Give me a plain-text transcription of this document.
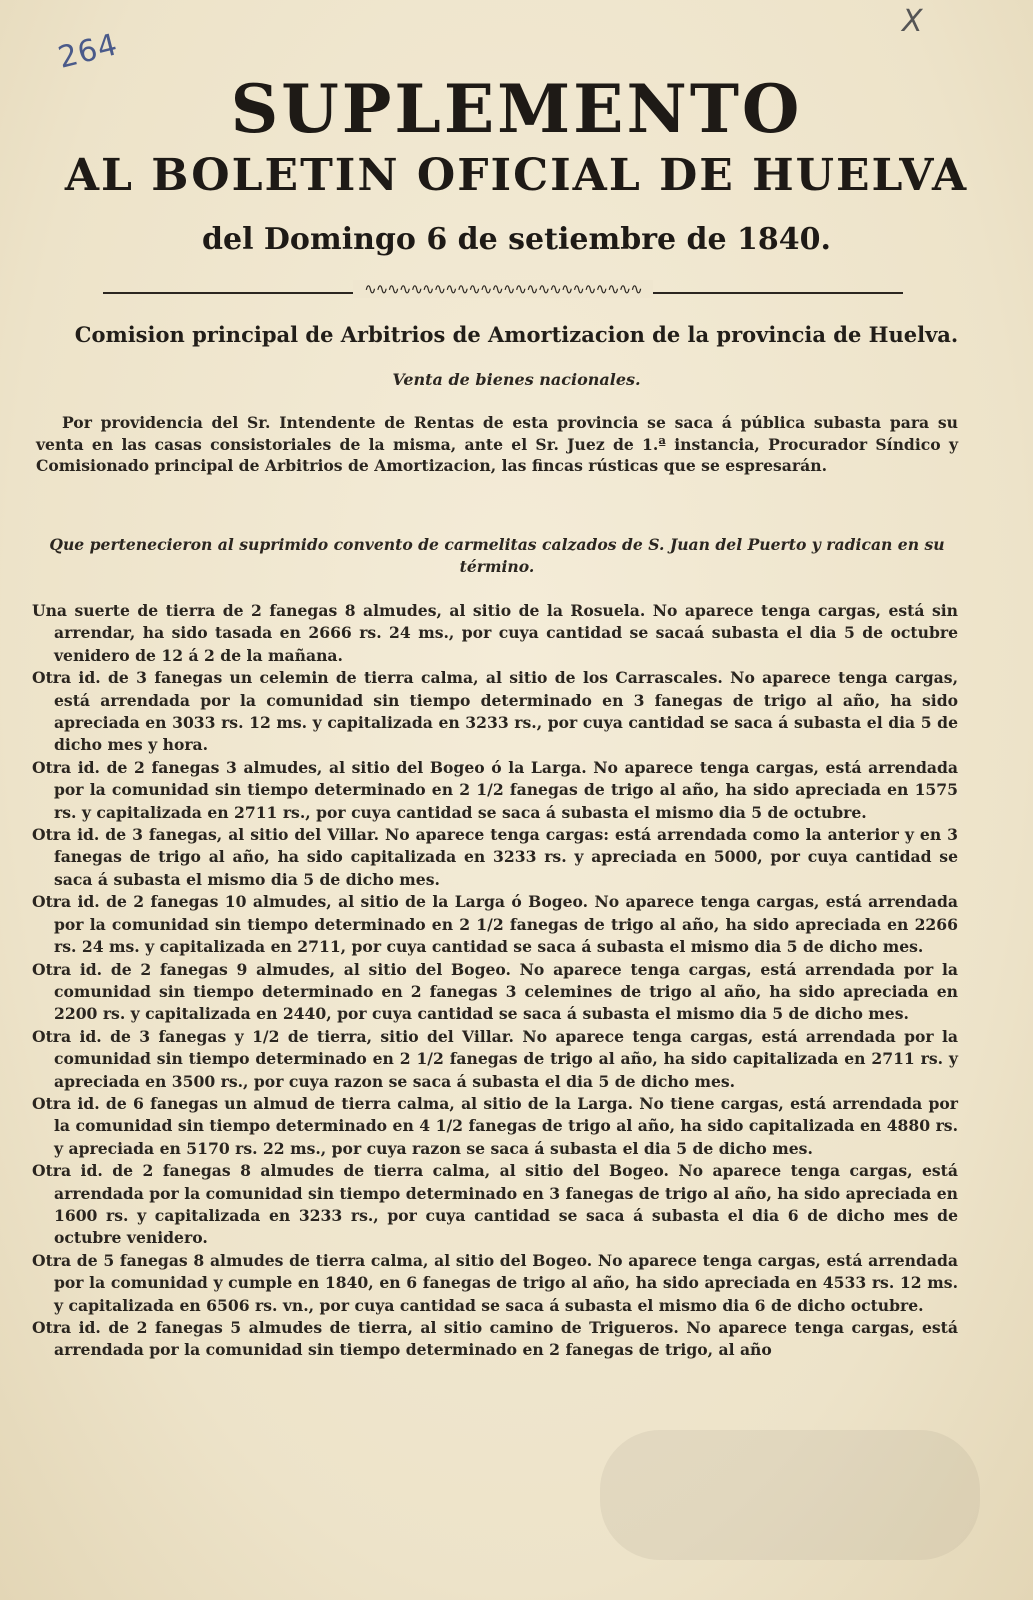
264
X
SUPLEMENTO
AL BOLETIN OFICIAL DE HUELVA
del Domingo 6 de setiembre de 1840.
∿∿∿∿∿∿∿∿∿∿∿∿∿∿∿∿∿∿∿∿∿∿∿∿
Comision principal de Arbitrios de Amortizacion de la provincia de Huelva.
Venta de bienes nacionales.

Por providencia del Sr. Intendente de Rentas de esta provincia se saca á pública subasta para su venta en las casas consistoriales de la misma, ante el Sr. Juez de 1.ª instancia, Procurador Síndico y Comisionado principal de Arbitrios de Amortizacion, las fincas rústicas que se espresarán.

Que pertenecieron al suprimido convento de carmelitas calzados de S. Juan del Puerto y radican en su término.

Una suerte de tierra de 2 fanegas 8 almudes, al sitio de la Rosuela. No aparece tenga cargas, está sin arrendar, ha sido tasada en 2666 rs. 24 ms., por cuya cantidad se sacaá subasta el dia 5 de octubre venidero de 12 á 2 de la mañana.

Otra id. de 3 fanegas un celemin de tierra calma, al sitio de los Carrascales. No aparece tenga cargas, está arrendada por la comunidad sin tiempo determinado en 3 fanegas de trigo al año, ha sido apreciada en 3033 rs. 12 ms. y capitalizada en 3233 rs., por cuya cantidad se saca á subasta el dia 5 de dicho mes y hora.

Otra id. de 2 fanegas 3 almudes, al sitio del Bogeo ó la Larga. No aparece tenga cargas, está arrendada por la comunidad sin tiempo determinado en 2 1/2 fanegas de trigo al año, ha sido apreciada en 1575 rs. y capitalizada en 2711 rs., por cuya cantidad se saca á subasta el mismo dia 5 de octubre.

Otra id. de 3 fanegas, al sitio del Villar. No aparece tenga cargas: está arrendada como la anterior y en 3 fanegas de trigo al año, ha sido capitalizada en 3233 rs. y apreciada en 5000, por cuya cantidad se saca á subasta el mismo dia 5 de dicho mes.

Otra id. de 2 fanegas 10 almudes, al sitio de la Larga ó Bogeo. No aparece tenga cargas, está arrendada por la comunidad sin tiempo determinado en 2 1/2 fanegas de trigo al año, ha sido apreciada en 2266 rs. 24 ms. y capitalizada en 2711, por cuya cantidad se saca á subasta el mismo dia 5 de dicho mes.

Otra id. de 2 fanegas 9 almudes, al sitio del Bogeo. No aparece tenga cargas, está arrendada por la comunidad sin tiempo determinado en 2 fanegas 3 celemines de trigo al año, ha sido apreciada en 2200 rs. y capitalizada en 2440, por cuya cantidad se saca á subasta el mismo dia 5 de dicho mes.

Otra id. de 3 fanegas y 1/2 de tierra, sitio del Villar. No aparece tenga cargas, está arrendada por la comunidad sin tiempo determinado en 2 1/2 fanegas de trigo al año, ha sido capitalizada en 2711 rs. y apreciada en 3500 rs., por cuya razon se saca á subasta el dia 5 de dicho mes.

Otra id. de 6 fanegas un almud de tierra calma, al sitio de la Larga. No tiene cargas, está arrendada por la comunidad sin tiempo determinado en 4 1/2 fanegas de trigo al año, ha sido capitalizada en 4880 rs. y apreciada en 5170 rs. 22 ms., por cuya razon se saca á subasta el dia 5 de dicho mes.

Otra id. de 2 fanegas 8 almudes de tierra calma, al sitio del Bogeo. No aparece tenga cargas, está arrendada por la comunidad sin tiempo determinado en 3 fanegas de trigo al año, ha sido apreciada en 1600 rs. y capitalizada en 3233 rs., por cuya cantidad se saca á subasta el dia 6 de dicho mes de octubre venidero.

Otra de 5 fanegas 8 almudes de tierra calma, al sitio del Bogeo. No aparece tenga cargas, está arrendada por la comunidad y cumple en 1840, en 6 fanegas de trigo al año, ha sido apreciada en 4533 rs. 12 ms. y capitalizada en 6506 rs. vn., por cuya cantidad se saca á subasta el mismo dia 6 de dicho octubre.

Otra id. de 2 fanegas 5 almudes de tierra, al sitio camino de Trigueros. No aparece tenga cargas, está arrendada por la comunidad sin tiempo determinado en 2 fanegas de trigo, al año
